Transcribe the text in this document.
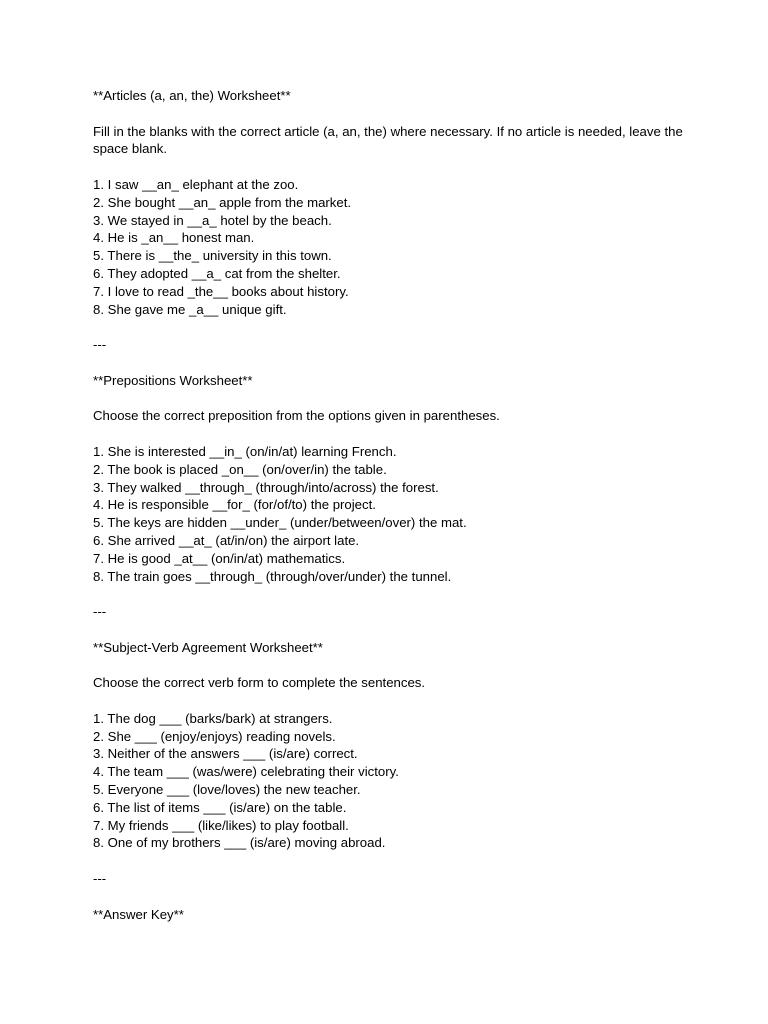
**Articles (a, an, the) Worksheet**

Fill in the blanks with the correct article (a, an, the) where necessary. If no article is needed, leave the space blank.

1. I saw __an_ elephant at the zoo.
2. She bought __an_ apple from the market.
3. We stayed in __a_ hotel by the beach.
4. He is _an__ honest man.
5. There is __the_ university in this town.
6. They adopted __a_ cat from the shelter.
7. I love to read _the__ books about history.
8. She gave me _a__ unique gift.

---

**Prepositions Worksheet**

Choose the correct preposition from the options given in parentheses.

1. She is interested __in_ (on/in/at) learning French.
2. The book is placed _on__ (on/over/in) the table.
3. They walked __through_ (through/into/across) the forest.
4. He is responsible __for_ (for/of/to) the project.
5. The keys are hidden __under_ (under/between/over) the mat.
6. She arrived __at_ (at/in/on) the airport late.
7. He is good _at__ (on/in/at) mathematics.
8. The train goes __through_ (through/over/under) the tunnel.

---

**Subject-Verb Agreement Worksheet**

Choose the correct verb form to complete the sentences.

1. The dog ___ (barks/bark) at strangers.
2. She ___ (enjoy/enjoys) reading novels.
3. Neither of the answers ___ (is/are) correct.
4. The team ___ (was/were) celebrating their victory.
5. Everyone ___ (love/loves) the new teacher.
6. The list of items ___ (is/are) on the table.
7. My friends ___ (like/likes) to play football.
8. One of my brothers ___ (is/are) moving abroad.

---

**Answer Key**
